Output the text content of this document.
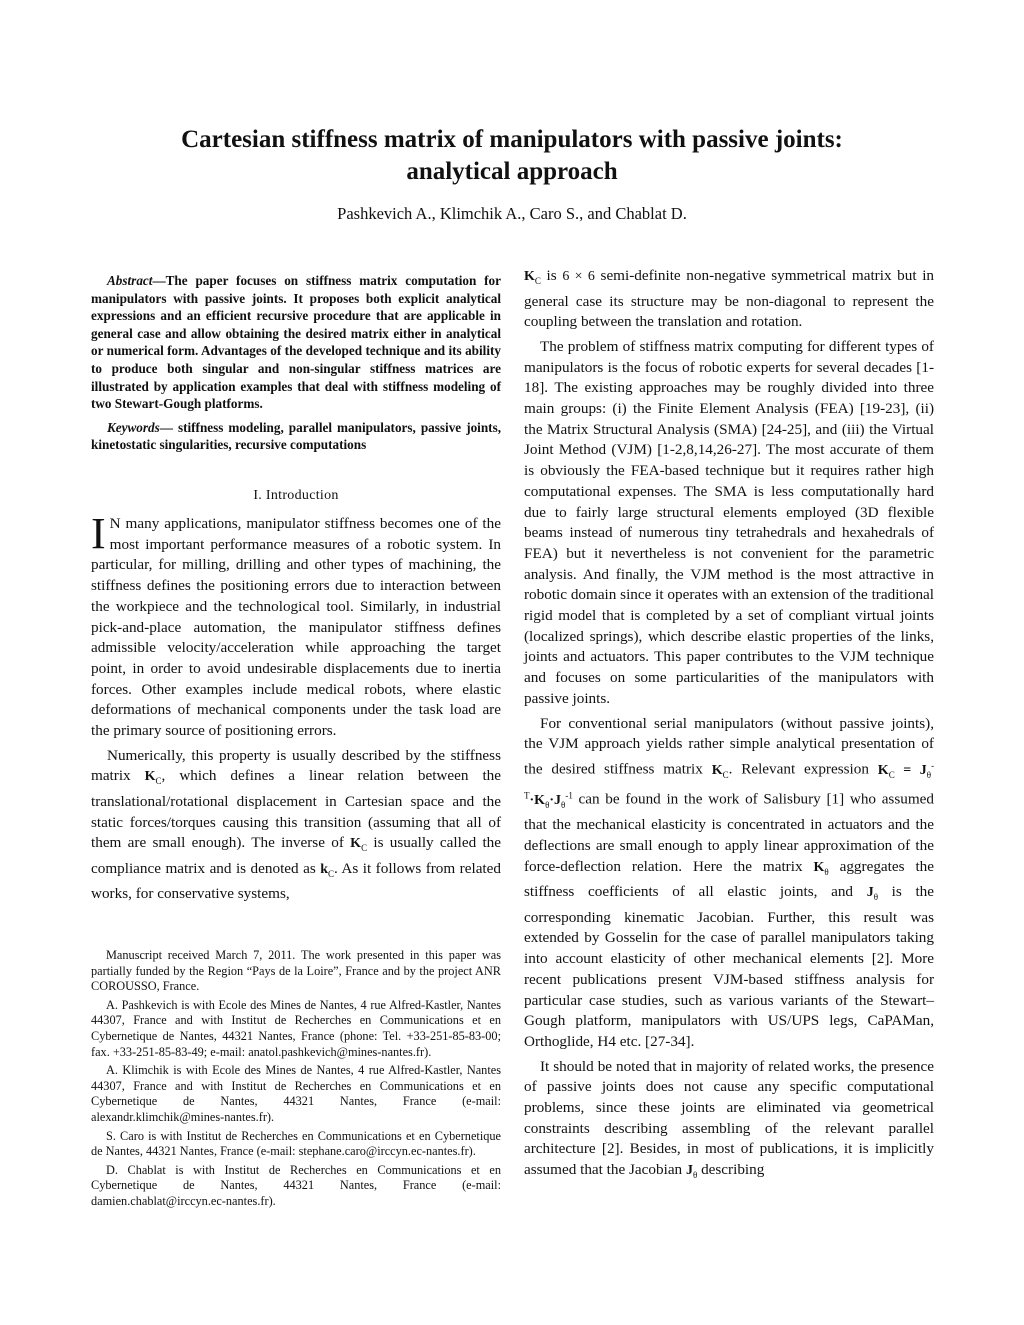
Cartesian stiffness matrix of manipulators with passive joints:
analytical approach
Pashkevich A., Klimchik A., Caro S., and Chablat D.

Abstract—The paper focuses on stiffness matrix computation for manipulators with passive joints. It proposes both explicit analytical expressions and an efficient recursive procedure that are applicable in general case and allow obtaining the desired matrix either in analytical or numerical form. Advantages of the developed technique and its ability to produce both singular and non-singular stiffness matrices are illustrated by application examples that deal with stiffness modeling of two Stewart-Gough platforms.

Keywords— stiffness modeling, parallel manipulators, passive joints, kinetostatic singularities, recursive computations

I. Introduction

I N many applications, manipulator stiffness becomes one of the most important performance measures of a robotic system. In particular, for milling, drilling and other types of machining, the stiffness defines the positioning errors due to interaction between the workpiece and the technological tool. Similarly, in industrial pick-and-place automation, the manipulator stiffness defines admissible velocity/acceleration while approaching the target point, in order to avoid undesirable displacements due to inertia forces. Other examples include medical robots, where elastic deformations of mechanical components under the task load are the primary source of positioning errors.

Numerically, this property is usually described by the stiffness matrix $K_C$, which defines a linear relation between the translational/rotational displacement in Cartesian space and the static forces/torques causing this transition (assuming that all of them are small enough). The inverse of $K_C$ is usually called the compliance matrix and is denoted as $k_C$. As it follows from related works, for conservative systems,

Manuscript received March 7, 2011. The work presented in this paper was partially funded by the Region “Pays de la Loire”, France and by the project ANR COROUSSO, France.

A. Pashkevich is with Ecole des Mines de Nantes, 4 rue Alfred-Kastler, Nantes 44307, France and with Institut de Recherches en Communications et en Cybernetique de Nantes, 44321 Nantes, France (phone: Tel. +33-251-85-83-00; fax. +33-251-85-83-49; e-mail: anatol.pashkevich@mines-nantes.fr).

A. Klimchik is with Ecole des Mines de Nantes, 4 rue Alfred-Kastler, Nantes 44307, France and with Institut de Recherches en Communications et en Cybernetique de Nantes, 44321 Nantes, France (e-mail: alexandr.klimchik@mines-nantes.fr).

S. Caro is with Institut de Recherches en Communications et en Cybernetique de Nantes, 44321 Nantes, France (e-mail: stephane.caro@irccyn.ec-nantes.fr).

D. Chablat is with Institut de Recherches en Communications et en Cybernetique de Nantes, 44321 Nantes, France (e-mail: damien.chablat@irccyn.ec-nantes.fr).

$K_C$ is 6 × 6 semi-definite non-negative symmetrical matrix but in general case its structure may be non-diagonal to represent the coupling between the translation and rotation.

The problem of stiffness matrix computing for different types of manipulators is the focus of robotic experts for several decades [1-18]. The existing approaches may be roughly divided into three main groups: (i) the Finite Element Analysis (FEA) [19-23], (ii) the Matrix Structural Analysis (SMA) [24-25], and (iii) the Virtual Joint Method (VJM) [1-2,8,14,26-27]. The most accurate of them is obviously the FEA-based technique but it requires rather high computational expenses. The SMA is less computationally hard due to fairly large structural elements employed (3D flexible beams instead of numerous tiny tetrahedrals and hexahedrals of FEA) but it nevertheless is not convenient for the parametric analysis. And finally, the VJM method is the most attractive in robotic domain since it operates with an extension of the traditional rigid model that is completed by a set of compliant virtual joints (localized springs), which describe elastic properties of the links, joints and actuators. This paper contributes to the VJM technique and focuses on some particularities of the manipulators with passive joints.

For conventional serial manipulators (without passive joints), the VJM approach yields rather simple analytical presentation of the desired stiffness matrix $K_C$. Relevant expression $K_C = J_\theta^{-T}\cdot K_\theta\cdot J_\theta^{-1}$ can be found in the work of Salisbury [1] who assumed that the mechanical elasticity is concentrated in actuators and the deflections are small enough to apply linear approximation of the force-deflection relation. Here the matrix $K_\theta$ aggregates the stiffness coefficients of all elastic joints, and $J_\theta$ is the corresponding kinematic Jacobian. Further, this result was extended by Gosselin for the case of parallel manipulators taking into account elasticity of other mechanical elements [2]. More recent publications present VJM-based stiffness analysis for particular case studies, such as various variants of the Stewart–Gough platform, manipulators with US/UPS legs, CaPAMan, Orthoglide, H4 etc. [27-34].

It should be noted that in majority of related works, the presence of passive joints does not cause any specific computational problems, since these joints are eliminated via geometrical constraints describing assembling of the relevant parallel architecture [2]. Besides, in most of publications, it is implicitly assumed that the Jacobian $J_\theta$ describing
